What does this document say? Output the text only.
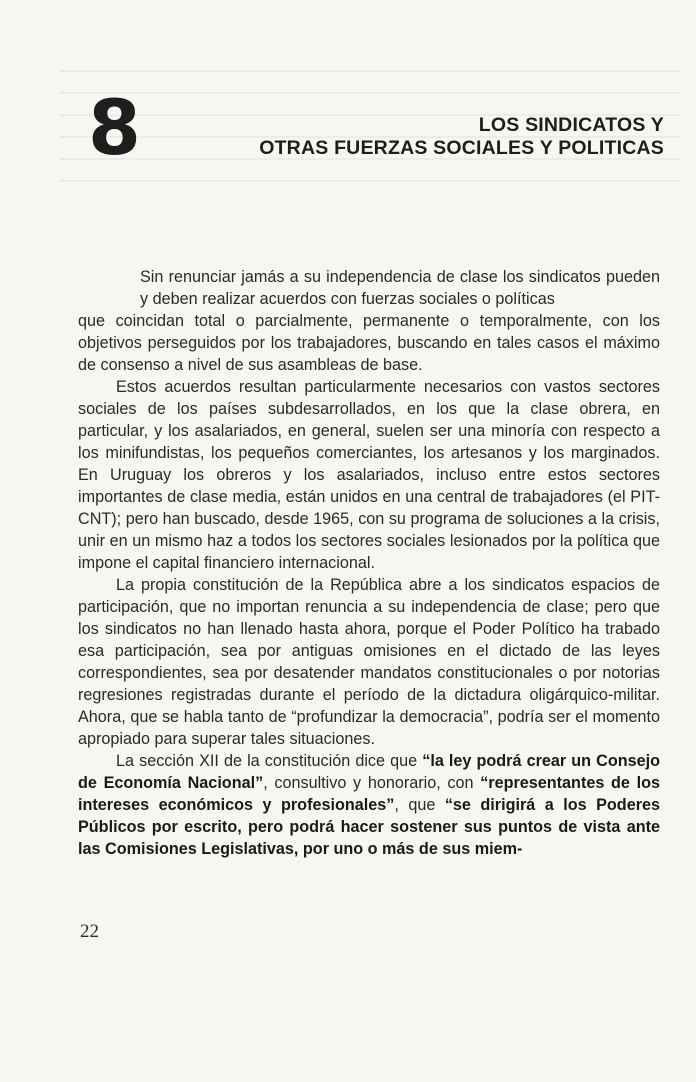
8	LOS SINDICATOS Y
OTRAS FUERZAS SOCIALES Y POLITICAS

Sin renunciar jamás a su independencia de clase los sindicatos pueden y deben realizar acuerdos con fuerzas sociales o políticas
que coincidan total o parcialmente, permanente o temporalmente, con los objetivos perseguidos por los trabajadores, buscando en tales casos el máximo de consenso a nivel de sus asambleas de base.

Estos acuerdos resultan particularmente necesarios con vastos sectores sociales de los países subdesarrollados, en los que la clase obrera, en particular, y los asalariados, en general, suelen ser una minoría con respecto a los minifundistas, los pequeños comerciantes, los artesanos y los marginados. En Uruguay los obreros y los asalariados, incluso entre estos sectores importantes de clase media, están unidos en una central de trabajadores (el PIT-CNT); pero han buscado, desde 1965, con su programa de soluciones a la crisis, unir en un mismo haz a todos los sectores sociales lesionados por la política que impone el capital financiero internacional.

La propia constitución de la República abre a los sindicatos espacios de participación, que no importan renuncia a su independencia de clase; pero que los sindicatos no han llenado hasta ahora, porque el Poder Político ha trabado esa participación, sea por antiguas omisiones en el dictado de las leyes correspondientes, sea por desatender mandatos constitucionales o por notorias regresiones registradas durante el período de la dictadura oligárquico-militar. Ahora, que se habla tanto de “profundizar la democracia”, podría ser el momento apropiado para superar tales situaciones.

La sección XII de la constitución dice que “la ley podrá crear un Consejo de Economía Nacional”, consultivo y honorario, con “representantes de los intereses económicos y profesionales”, que “se dirigirá a los Poderes Públicos por escrito, pero podrá hacer sostener sus puntos de vista ante las Comisiones Legislativas, por uno o más de sus miem-

22
